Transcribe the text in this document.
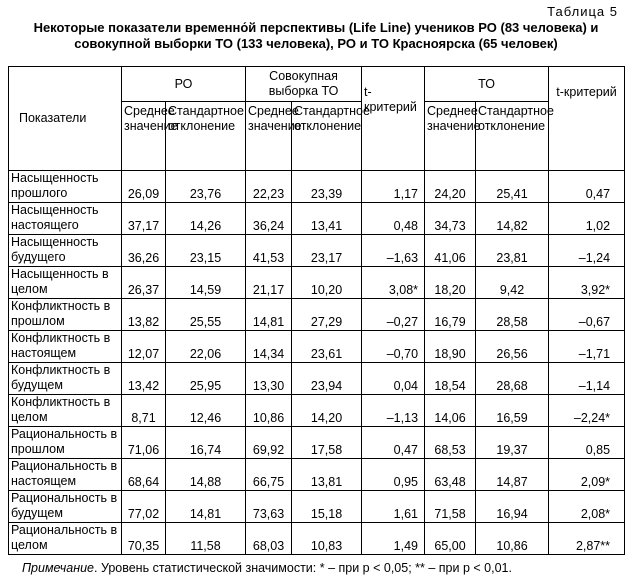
Таблица 5
Некоторые показатели временно́й перспективы (Life Line) учеников РО (83 человека) и совокупной выборки ТО (133 человека), РО и ТО Красноярска (65 человек)
Показатели	РО		Совокупная выборка ТО		t-критерий	ТО		t-критерий
	Среднее значение	Стандартное отклонение	Среднее значение	Стандартное отклонение		Среднее значение	Стандартное отклонение	
Насыщенность прошлого	26,09	23,76	22,23	23,39	1,17	24,20	25,41	0,47
Насыщенность настоящего	37,17	14,26	36,24	13,41	0,48	34,73	14,82	1,02
Насыщенность будущего	36,26	23,15	41,53	23,17	–1,63	41,06	23,81	–1,24
Насыщенность в целом	26,37	14,59	21,17	10,20	3,08*	18,20	9,42	3,92*
Конфликтность в прошлом	13,82	25,55	14,81	27,29	–0,27	16,79	28,58	–0,67
Конфликтность в настоящем	12,07	22,06	14,34	23,61	–0,70	18,90	26,56	–1,71
Конфликтность в будущем	13,42	25,95	13,30	23,94	0,04	18,54	28,68	–1,14
Конфликтность в целом	8,71	12,46	10,86	14,20	–1,13	14,06	16,59	–2,24*
Рациональность в прошлом	71,06	16,74	69,92	17,58	0,47	68,53	19,37	0,85
Рациональность в настоящем	68,64	14,88	66,75	13,81	0,95	63,48	14,87	2,09*
Рациональность в будущем	77,02	14,81	73,63	15,18	1,61	71,58	16,94	2,08*
Рациональность в целом	70,35	11,58	68,03	10,83	1,49	65,00	10,86	2,87**
Примечание. Уровень статистической значимости: * – при p < 0,05; ** – при p < 0,01.
